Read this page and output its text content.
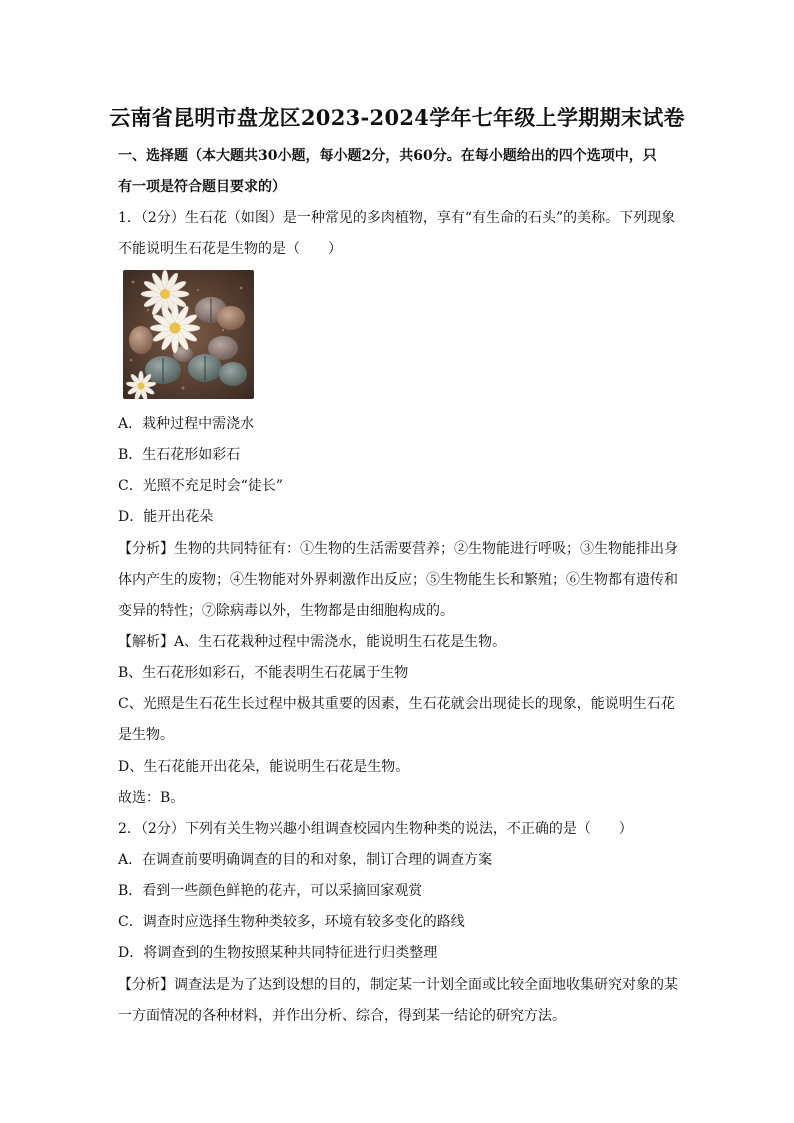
云南省昆明市盘龙区2023-2024学年七年级上学期期末试卷
一、选择题（本大题共30小题，每小题2分，共60分。在每小题给出的四个选项中，只
有一项是符合题目要求的）
1．（2分）生石花（如图）是一种常见的多肉植物，享有“有生命的石头”的美称。下列现象
不能说明生石花是生物的是（　　）
A．栽种过程中需浇水
B．生石花形如彩石
C．光照不充足时会“徒长”
D．能开出花朵
【分析】生物的共同特征有：①生物的生活需要营养；②生物能进行呼吸；③生物能排出身
体内产生的废物；④生物能对外界刺激作出反应；⑤生物能生长和繁殖；⑥生物都有遗传和
变异的特性；⑦除病毒以外，生物都是由细胞构成的。
【解析】A、生石花栽种过程中需浇水，能说明生石花是生物。
B、生石花形如彩石，不能表明生石花属于生物
C、光照是生石花生长过程中极其重要的因素，生石花就会出现徒长的现象，能说明生石花
是生物。
D、生石花能开出花朵，能说明生石花是生物。
故选：B。
2．（2分）下列有关生物兴趣小组调查校园内生物种类的说法，不正确的是（　　）
A．在调查前要明确调查的目的和对象，制订合理的调查方案
B．看到一些颜色鲜艳的花卉，可以采摘回家观赏
C．调查时应选择生物种类较多，环境有较多变化的路线
D．将调查到的生物按照某种共同特征进行归类整理
【分析】调查法是为了达到设想的目的，制定某一计划全面或比较全面地收集研究对象的某
一方面情况的各种材料，并作出分析、综合，得到某一结论的研究方法。
